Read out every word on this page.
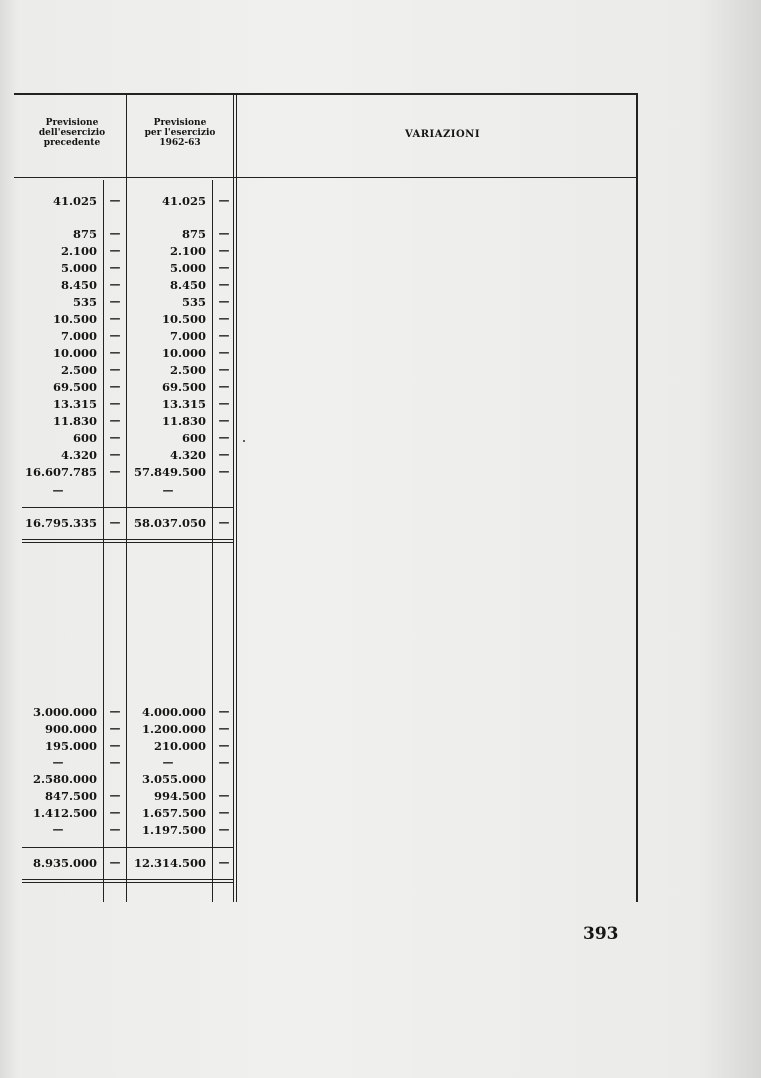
Previsione
dell'esercizio
precedente
Previsione
per l'esercizio
1962-63
VARIAZIONI
41.025 —	41.025 —
875 —	875 —
2.100 —	2.100 —
5.000 —	5.000 —
8.450 —	8.450 —
535 —	535 —
10.500 —	10.500 —
7.000 —	7.000 —
10.000 —	10.000 —
2.500 —	2.500 —
69.500 —	69.500 —
13.315 —	13.315 —
11.830 —	11.830 —
600 —	600 —
4.320 —	4.320 —
16.607.785 — 57.849.500 —
—	—
16.795.335 — 58.037.050 —
3.000.000 — 4.000.000 —
900.000 — 1.200.000 —
195.000 —	210.000 —
—	—	—	—
2.580.000	3.055.000
847.500 —	994.500 —
1.412.500 — 1.657.500 —
—	— 1.197.500 —
8.935.000 — 12.314.500 —
393
